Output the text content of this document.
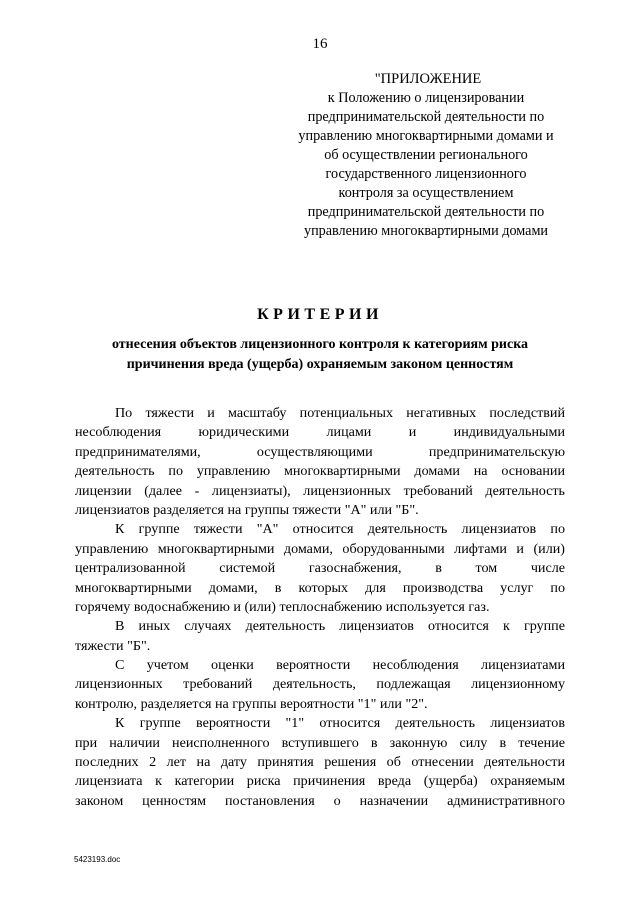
16
"ПРИЛОЖЕНИЕ
к Положению о лицензировании
предпринимательской деятельности по
управлению многоквартирными домами и
об осуществлении регионального
государственного лицензионного
контроля за осуществлением
предпринимательской деятельности по
управлению многоквартирными домами
КРИТЕРИИ
отнесения объектов лицензионного контроля к категориям риска
причинения вреда (ущерба) охраняемым законом ценностям

По тяжести и масштабу потенциальных негативных последствий
несоблюдения юридическими лицами и индивидуальными
предпринимателями, осуществляющими предпринимательскую
деятельность по управлению многоквартирными домами на основании
лицензии (далее - лицензиаты), лицензионных требований деятельность
лицензиатов разделяется на группы тяжести "А" или "Б".

К группе тяжести "А" относится деятельность лицензиатов по
управлению многоквартирными домами, оборудованными лифтами и (или)
централизованной системой газоснабжения, в том числе
многоквартирными домами, в которых для производства услуг по
горячему водоснабжению и (или) теплоснабжению используется газ.

В иных случаях деятельность лицензиатов относится к группе
тяжести "Б".

С учетом оценки вероятности несоблюдения лицензиатами
лицензионных требований деятельность, подлежащая лицензионному
контролю, разделяется на группы вероятности "1" или "2".

К группе вероятности "1" относится деятельность лицензиатов
при наличии неисполненного вступившего в законную силу в течение
последних 2 лет на дату принятия решения об отнесении деятельности
лицензиата к категории риска причинения вреда (ущерба) охраняемым
законом ценностям постановления о назначении административного

5423193.doc
